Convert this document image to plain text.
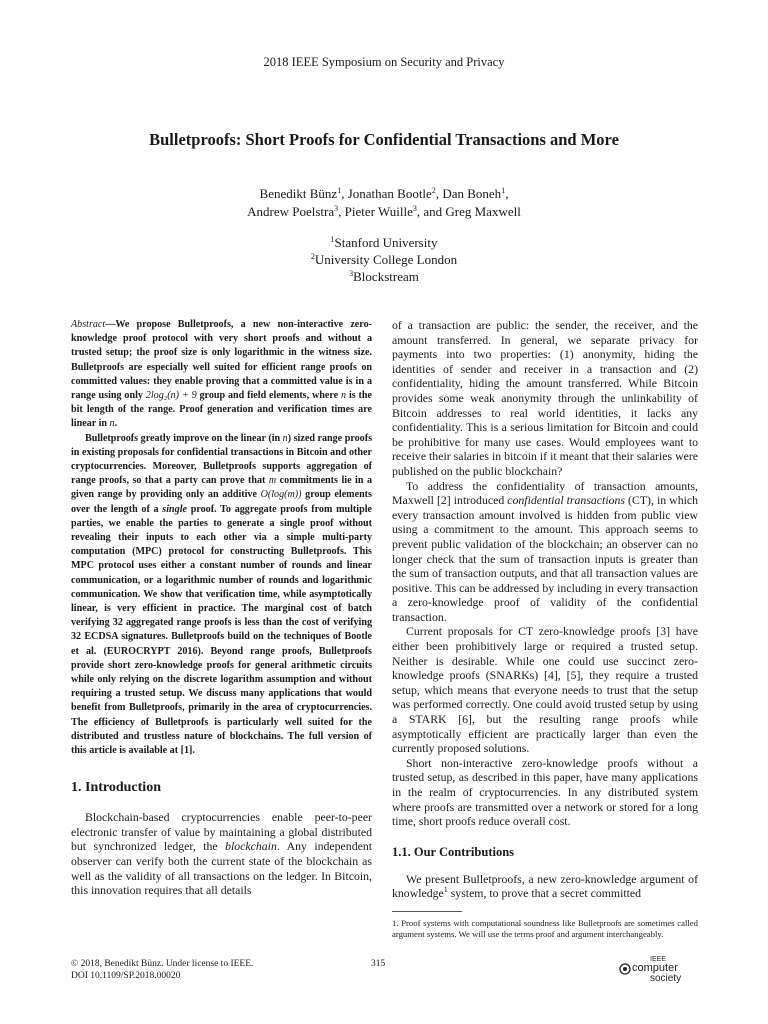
2018 IEEE Symposium on Security and Privacy
Bulletproofs: Short Proofs for Confidential Transactions and More
Benedikt Bünz$^1$, Jonathan Bootle$^2$, Dan Boneh$^1$,
Andrew Poelstra$^3$, Pieter Wuille$^3$, and Greg Maxwell
$^1$Stanford University
$^2$University College London
$^3$Blockstream

Abstract—We propose Bulletproofs, a new non-interactive zero-knowledge proof protocol with very short proofs and without a trusted setup; the proof size is only logarithmic in the witness size. Bulletproofs are especially well suited for efficient range proofs on committed values: they enable proving that a committed value is in a range using only 2log₂(n) + 9 group and field elements, where n is the bit length of the range. Proof generation and verification times are linear in n.

Bulletproofs greatly improve on the linear (in n) sized range proofs in existing proposals for confidential transactions in Bitcoin and other cryptocurrencies. Moreover, Bulletproofs supports aggregation of range proofs, so that a party can prove that m commitments lie in a given range by providing only an additive O(log(m)) group elements over the length of a single proof. To aggregate proofs from multiple parties, we enable the parties to generate a single proof without revealing their inputs to each other via a simple multi-party computation (MPC) protocol for constructing Bulletproofs. This MPC protocol uses either a constant number of rounds and linear communication, or a logarithmic number of rounds and logarithmic communication. We show that verification time, while asymptotically linear, is very efficient in practice. The marginal cost of batch verifying 32 aggregated range proofs is less than the cost of verifying 32 ECDSA signatures. Bulletproofs build on the techniques of Bootle et al. (EUROCRYPT 2016). Beyond range proofs, Bulletproofs provide short zero-knowledge proofs for general arithmetic circuits while only relying on the discrete logarithm assumption and without requiring a trusted setup. We discuss many applications that would benefit from Bulletproofs, primarily in the area of cryptocurrencies. The efficiency of Bulletproofs is particularly well suited for the distributed and trustless nature of blockchains. The full version of this article is available at [1].

1. Introduction

Blockchain-based cryptocurrencies enable peer-to-peer electronic transfer of value by maintaining a global distributed but synchronized ledger, the blockchain. Any independent observer can verify both the current state of the blockchain as well as the validity of all transactions on the ledger. In Bitcoin, this innovation requires that all details

of a transaction are public: the sender, the receiver, and the amount transferred. In general, we separate privacy for payments into two properties: (1) anonymity, hiding the identities of sender and receiver in a transaction and (2) confidentiality, hiding the amount transferred. While Bitcoin provides some weak anonymity through the unlinkability of Bitcoin addresses to real world identities, it lacks any confidentiality. This is a serious limitation for Bitcoin and could be prohibitive for many use cases. Would employees want to receive their salaries in bitcoin if it meant that their salaries were published on the public blockchain?

To address the confidentiality of transaction amounts, Maxwell [2] introduced confidential transactions (CT), in which every transaction amount involved is hidden from public view using a commitment to the amount. This approach seems to prevent public validation of the blockchain; an observer can no longer check that the sum of transaction inputs is greater than the sum of transaction outputs, and that all transaction values are positive. This can be addressed by including in every transaction a zero-knowledge proof of validity of the confidential transaction.

Current proposals for CT zero-knowledge proofs [3] have either been prohibitively large or required a trusted setup. Neither is desirable. While one could use succinct zero-knowledge proofs (SNARKs) [4], [5], they require a trusted setup, which means that everyone needs to trust that the setup was performed correctly. One could avoid trusted setup by using a STARK [6], but the resulting range proofs while asymptotically efficient are practically larger than even the currently proposed solutions.

Short non-interactive zero-knowledge proofs without a trusted setup, as described in this paper, have many applications in the realm of cryptocurrencies. In any distributed system where proofs are transmitted over a network or stored for a long time, short proofs reduce overall cost.

1.1. Our Contributions

We present Bulletproofs, a new zero-knowledge argument of knowledge$^1$ system, to prove that a secret committed

1. Proof systems with computational soundness like Bulletproofs are sometimes called argument systems. We will use the terms proof and argument interchangeably.
© 2018, Benedikt Bünz. Under license to IEEE.
DOI 10.1109/SP.2018.00020
315	IEEE
computer
society
